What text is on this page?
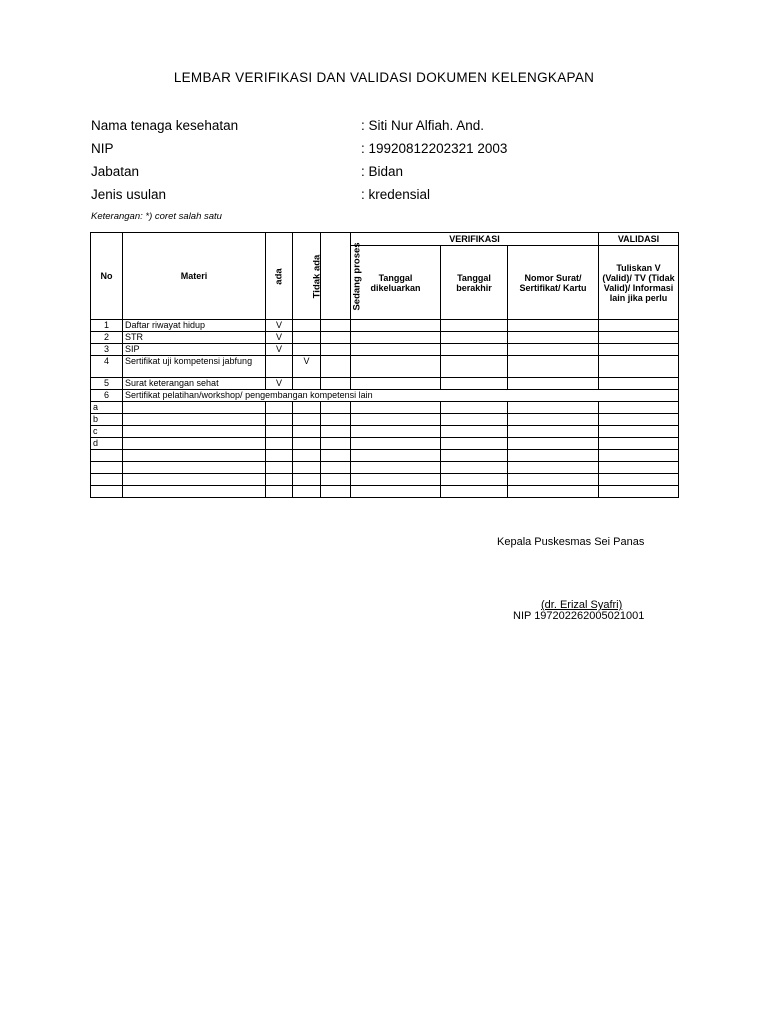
LEMBAR VERIFIKASI DAN VALIDASI DOKUMEN KELENGKAPAN
Nama tenaga kesehatan	: Siti Nur Alfiah. And.
NIP	: 19920812202321 2003
Jabatan	: Bidan
Jenis usulan	: kredensial
Keterangan: *) coret salah satu
No	Materi	ada	Tidak ada	Sedang proses	VERIFIKASI			VALIDASI
					Tanggal dikeluarkan	Tanggal berakhir	Nomor Surat/ Sertifikat/ Kartu	Tuliskan V (Valid)/ TV (Tidak Valid)/ Informasi lain jika perlu
1	Daftar riwayat hidup	V						
2	STR	V						
3	SIP	V						
4	Sertifikat uji kompetensi jabfung		V					
5	Surat keterangan sehat	V						
6	Sertifikat pelatihan/workshop/ pengembangan kompetensi lain							
a								
b								
c								
d								

Kepala Puskesmas Sei Panas
(dr. Erizal Syafri)
NIP 197202262005021001
